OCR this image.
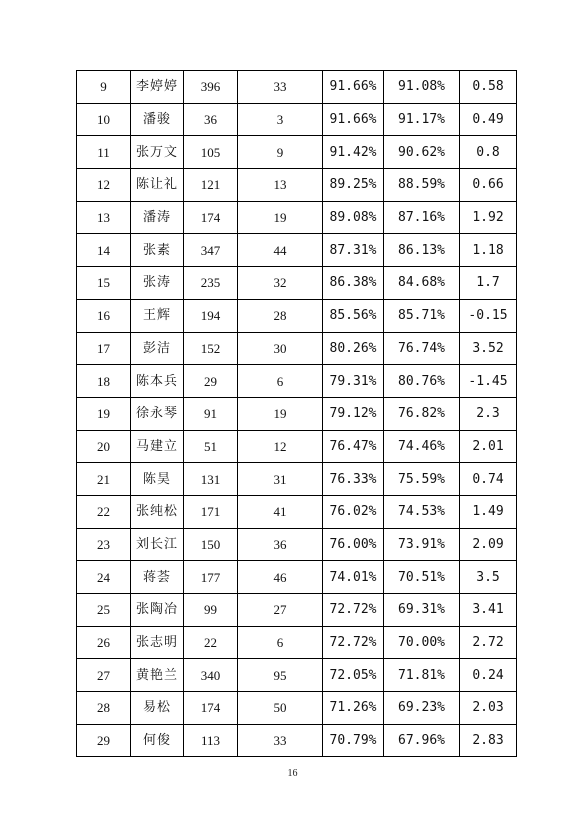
9	李婷婷	396	33	91.66%	91.08%	0.58
10	潘骏	36	3	91.66%	91.17%	0.49
11	张万文	105	9	91.42%	90.62%	0.8
12	陈让礼	121	13	89.25%	88.59%	0.66
13	潘涛	174	19	89.08%	87.16%	1.92
14	张素	347	44	87.31%	86.13%	1.18
15	张涛	235	32	86.38%	84.68%	1.7
16	王辉	194	28	85.56%	85.71%	-0.15
17	彭洁	152	30	80.26%	76.74%	3.52
18	陈本兵	29	6	79.31%	80.76%	-1.45
19	徐永琴	91	19	79.12%	76.82%	2.3
20	马建立	51	12	76.47%	74.46%	2.01
21	陈昊	131	31	76.33%	75.59%	0.74
22	张纯松	171	41	76.02%	74.53%	1.49
23	刘长江	150	36	76.00%	73.91%	2.09
24	蒋荟	177	46	74.01%	70.51%	3.5
25	张陶冶	99	27	72.72%	69.31%	3.41
26	张志明	22	6	72.72%	70.00%	2.72
27	黄艳兰	340	95	72.05%	71.81%	0.24
28	易松	174	50	71.26%	69.23%	2.03
29	何俊	113	33	70.79%	67.96%	2.83
16
